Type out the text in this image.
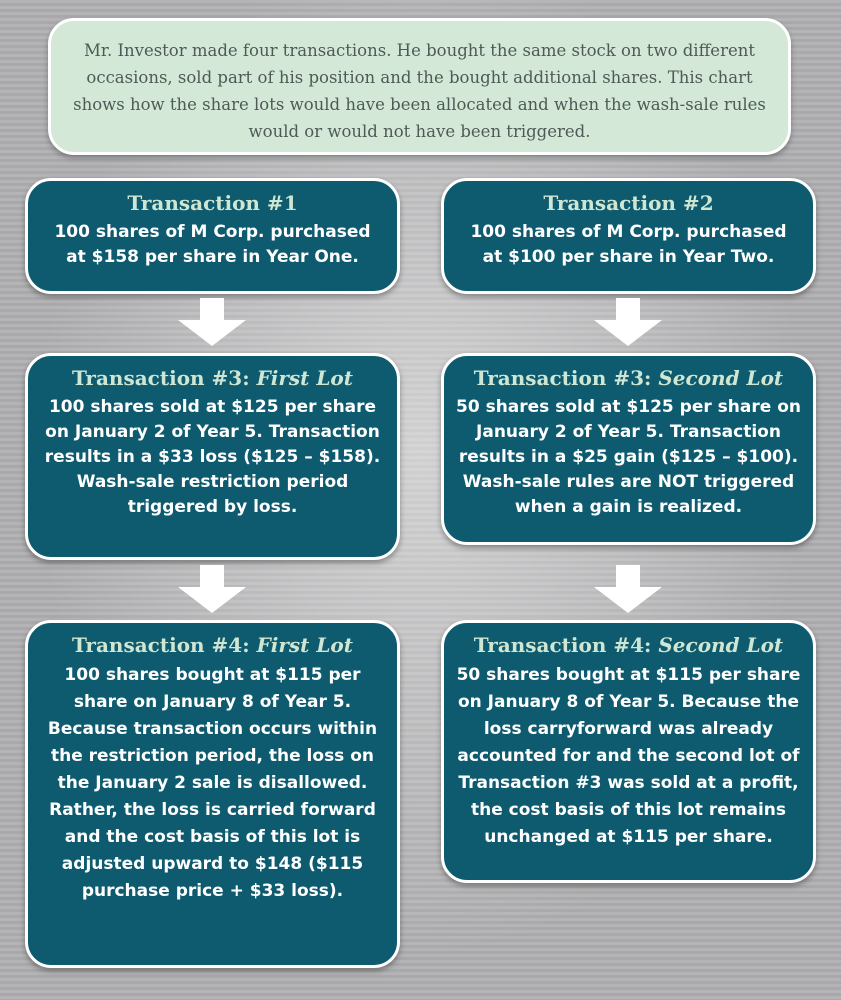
Mr. Investor made four transactions. He bought the same stock on two different occasions, sold part of his position and the bought additional shares. This chart shows how the share lots would have been allocated and when the wash-sale rules would or would not have been triggered.
Transaction #1
100 shares of M Corp. purchased at $158 per share in Year One.
Transaction #2
100 shares of M Corp. purchased at $100 per share in Year Two.
Transaction #3: First Lot
100 shares sold at $125 per share on January 2 of Year 5. Transaction results in a $33 loss ($125 – $158). Wash-sale restriction period triggered by loss.
Transaction #3: Second Lot
50 shares sold at $125 per share on January 2 of Year 5. Transaction results in a $25 gain ($125 – $100). Wash-sale rules are NOT triggered when a gain is realized.
Transaction #4: First Lot
100 shares bought at $115 per share on January 8 of Year 5. Because transaction occurs within the restriction period, the loss on the January 2 sale is disallowed. Rather, the loss is carried forward and the cost basis of this lot is adjusted upward to $148 ($115 purchase price + $33 loss).
Transaction #4: Second Lot
50 shares bought at $115 per share on January 8 of Year 5. Because the loss carryforward was already accounted for and the second lot of Transaction #3 was sold at a profit, the cost basis of this lot remains unchanged at $115 per share.
